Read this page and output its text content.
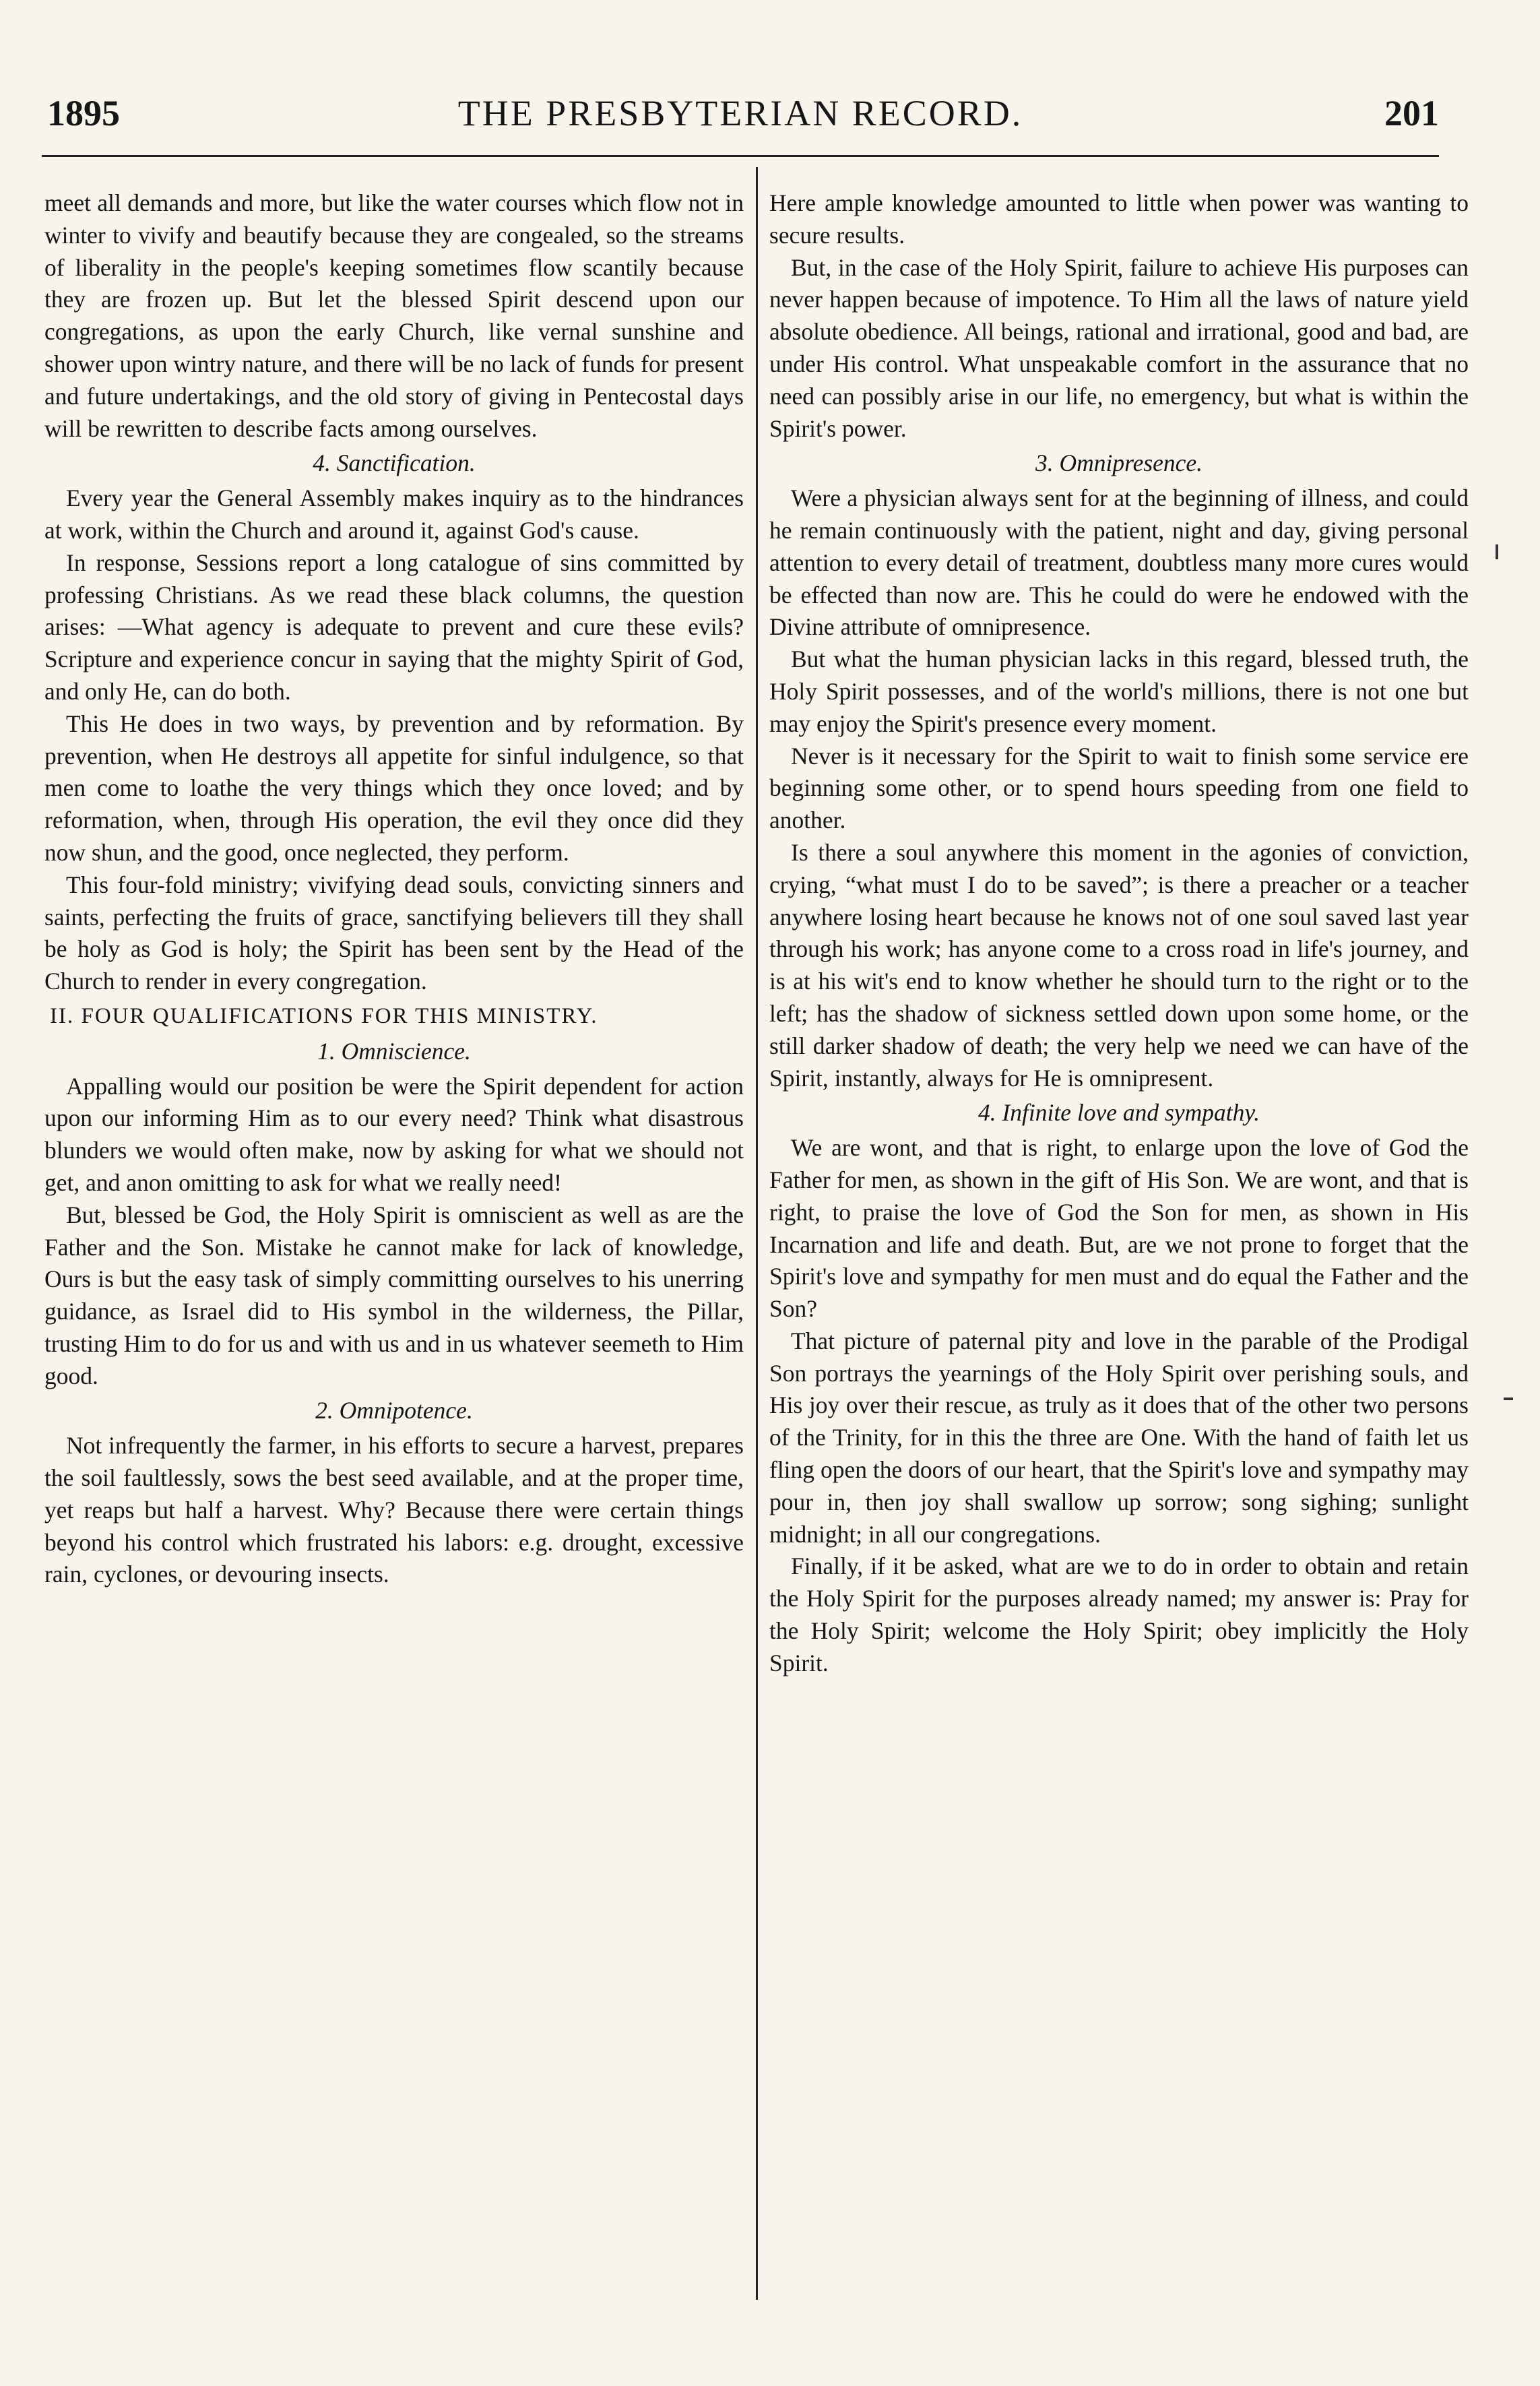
1895	THE PRESBYTERIAN RECORD.	201

meet all demands and more, but like the water courses which flow not in winter to vivify and beautify because they are congealed, so the streams of liberality in the people's keeping sometimes flow scantily because they are frozen up. But let the blessed Spirit descend upon our congregations, as upon the early Church, like vernal sunshine and shower upon wintry nature, and there will be no lack of funds for present and future undertakings, and the old story of giving in Pentecostal days will be rewritten to describe facts among ourselves.

4. Sanctification.

Every year the General Assembly makes inquiry as to the hindrances at work, within the Church and around it, against God's cause.

In response, Sessions report a long catalogue of sins committed by professing Christians. As we read these black columns, the question arises: —What agency is adequate to prevent and cure these evils? Scripture and experience concur in saying that the mighty Spirit of God, and only He, can do both.

This He does in two ways, by prevention and by reformation. By prevention, when He destroys all appetite for sinful indulgence, so that men come to loathe the very things which they once loved; and by reformation, when, through His operation, the evil they once did they now shun, and the good, once neglected, they perform.

This four-fold ministry; vivifying dead souls, convicting sinners and saints, perfecting the fruits of grace, sanctifying believers till they shall be holy as God is holy; the Spirit has been sent by the Head of the Church to render in every congregation.

II. FOUR QUALIFICATIONS FOR THIS MINISTRY.
1. Omniscience.

Appalling would our position be were the Spirit dependent for action upon our informing Him as to our every need? Think what disastrous blunders we would often make, now by asking for what we should not get, and anon omitting to ask for what we really need!

But, blessed be God, the Holy Spirit is omniscient as well as are the Father and the Son. Mistake he cannot make for lack of knowledge, Ours is but the easy task of simply committing ourselves to his unerring guidance, as Israel did to His symbol in the wilderness, the Pillar, trusting Him to do for us and with us and in us whatever seemeth to Him good.

2. Omnipotence.

Not infrequently the farmer, in his efforts to secure a harvest, prepares the soil faultlessly, sows the best seed available, and at the proper time, yet reaps but half a harvest. Why? Because there were certain things beyond his control which frustrated his labors: e.g. drought, excessive rain, cyclones, or devouring insects.

Here ample knowledge amounted to little when power was wanting to secure results.

But, in the case of the Holy Spirit, failure to achieve His purposes can never happen because of impotence. To Him all the laws of nature yield absolute obedience. All beings, rational and irrational, good and bad, are under His control. What unspeakable comfort in the assurance that no need can possibly arise in our life, no emergency, but what is within the Spirit's power.

3. Omnipresence.

Were a physician always sent for at the beginning of illness, and could he remain continuously with the patient, night and day, giving personal attention to every detail of treatment, doubtless many more cures would be effected than now are. This he could do were he endowed with the Divine attribute of omnipresence.

But what the human physician lacks in this regard, blessed truth, the Holy Spirit possesses, and of the world's millions, there is not one but may enjoy the Spirit's presence every moment.

Never is it necessary for the Spirit to wait to finish some service ere beginning some other, or to spend hours speeding from one field to another.

Is there a soul anywhere this moment in the agonies of conviction, crying, “what must I do to be saved”; is there a preacher or a teacher anywhere losing heart because he knows not of one soul saved last year through his work; has anyone come to a cross road in life's journey, and is at his wit's end to know whether he should turn to the right or to the left; has the shadow of sickness settled down upon some home, or the still darker shadow of death; the very help we need we can have of the Spirit, instantly, always for He is omnipresent.

4. Infinite love and sympathy.

We are wont, and that is right, to enlarge upon the love of God the Father for men, as shown in the gift of His Son. We are wont, and that is right, to praise the love of God the Son for men, as shown in His Incarnation and life and death. But, are we not prone to forget that the Spirit's love and sympathy for men must and do equal the Father and the Son?

That picture of paternal pity and love in the parable of the Prodigal Son portrays the yearnings of the Holy Spirit over perishing souls, and His joy over their rescue, as truly as it does that of the other two persons of the Trinity, for in this the three are One. With the hand of faith let us fling open the doors of our heart, that the Spirit's love and sympathy may pour in, then joy shall swallow up sorrow; song sighing; sunlight midnight; in all our congregations.

Finally, if it be asked, what are we to do in order to obtain and retain the Holy Spirit for the purposes already named; my answer is: Pray for the Holy Spirit; welcome the Holy Spirit; obey implicitly the Holy Spirit.
